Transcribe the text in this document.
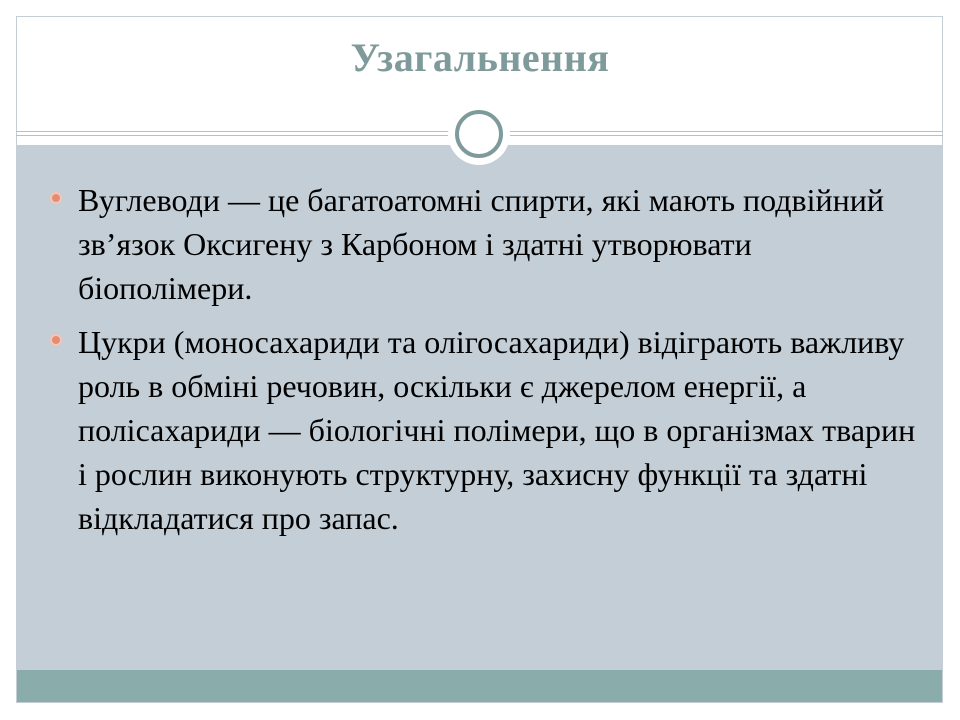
Узагальнення
Вуглеводи — це багатоатомні спирти, які мають подвійний зв’язок Оксигену з Карбоном і здатні утворювати біополімери.
Цукри (моносахариди та олігосахариди) відіграють важливу роль в обміні речовин, оскільки є джерелом енергії, а полісахариди — біологічні полімери, що в організмах тварин і рослин виконують структурну, захисну функції та здатні відкладатися про запас.
